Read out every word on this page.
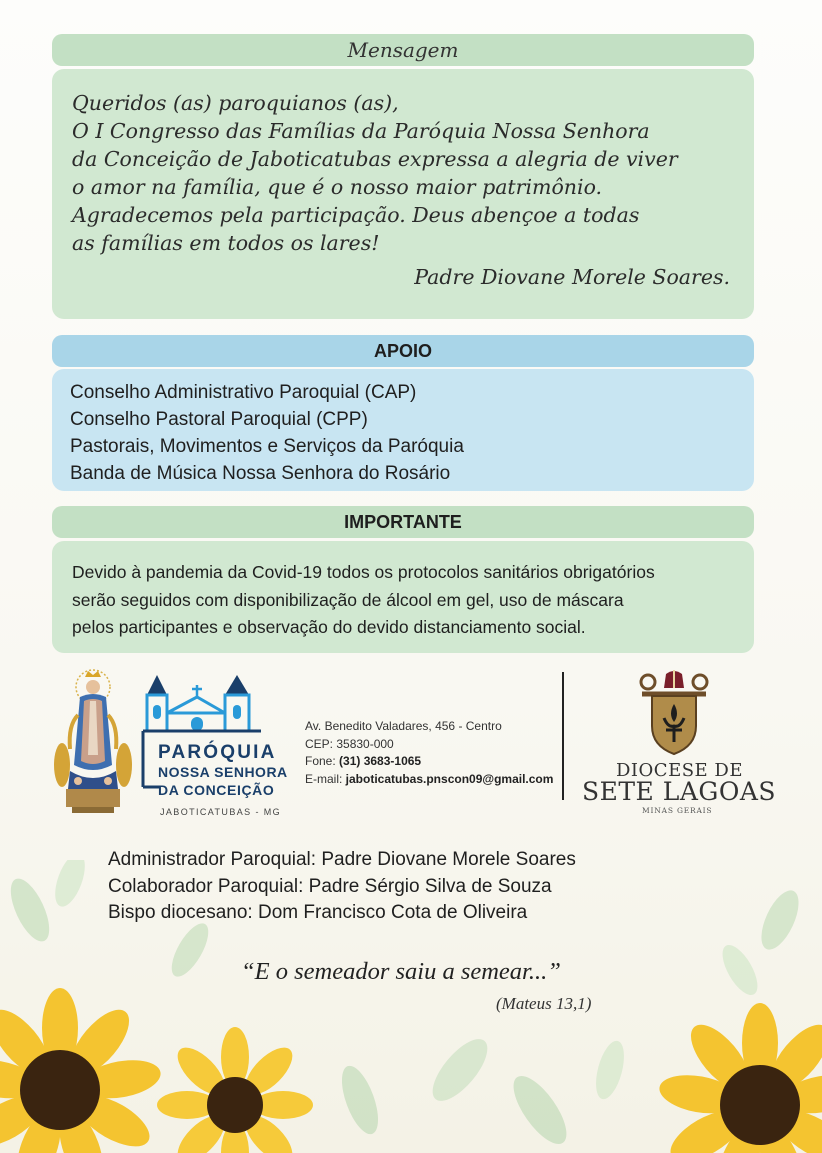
Mensagem
Queridos (as) paroquianos (as),
O I Congresso das Famílias da Paróquia Nossa Senhora
da Conceição de Jaboticatubas expressa a alegria de viver
o amor na família, que é o nosso maior patrimônio.
Agradecemos pela participação. Deus abençoe a todas
as famílias em todos os lares!
Padre Diovane Morele Soares.
APOIO
Conselho Administrativo Paroquial (CAP)
Conselho Pastoral Paroquial (CPP)
Pastorais, Movimentos e Serviços da Paróquia
Banda de Música Nossa Senhora do Rosário
IMPORTANTE
Devido à pandemia da Covid-19 todos os protocolos sanitários obrigatórios
serão seguidos com disponibilização de álcool em gel, uso de máscara
pelos participantes e observação do devido distanciamento social.
PARÓQUIA
NOSSA SENHORA
DA CONCEIÇÃO
JABOTICATUBAS - MG
Av. Benedito Valadares, 456 - Centro
CEP: 35830-000
Fone: (31) 3683-1065
E-mail: jaboticatubas.pnscon09@gmail.com	DIOCESE DE
SETE LAGOAS
MINAS GERAIS
Administrador Paroquial: Padre Diovane Morele Soares
Colaborador Paroquial: Padre Sérgio Silva de Souza
Bispo diocesano: Dom Francisco Cota de Oliveira
“E o semeador saiu a semear...”
(Mateus 13,1)
